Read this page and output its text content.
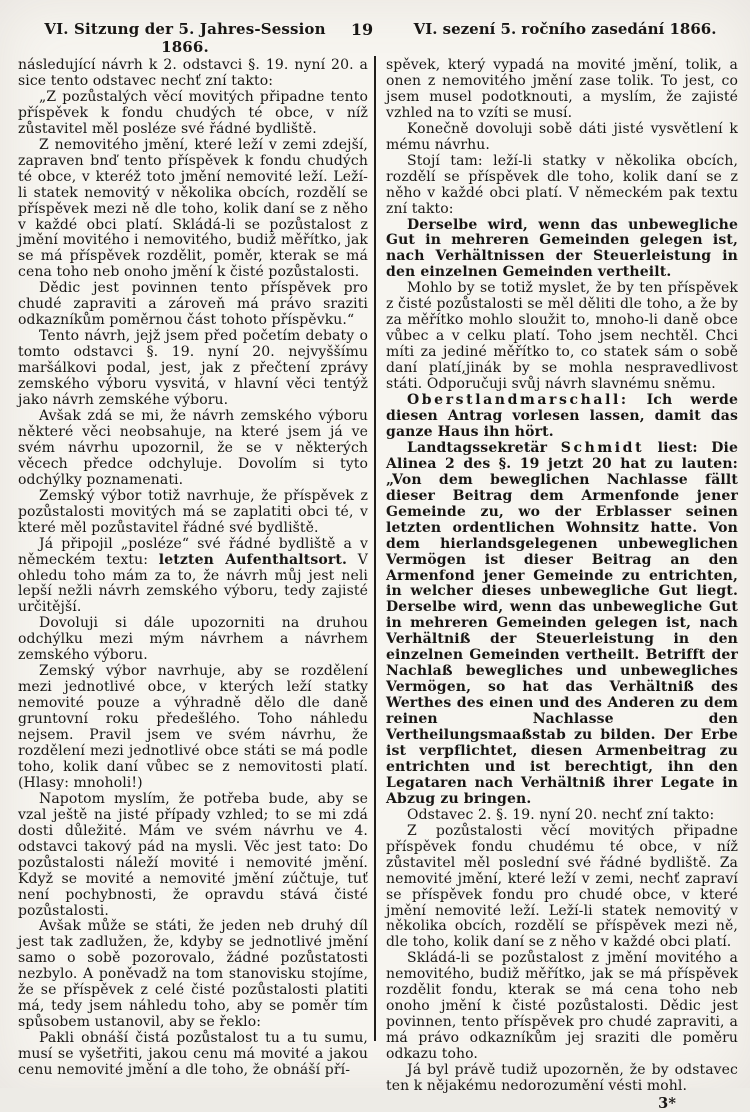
VI. Sitzung der 5. Jahres-Session 1866.
19	VI. sezení 5. ročního zasedání 1866.

následující návrh k 2. odstavci §. 19. nyní 20. a sice tento odstavec nechť zní takto:

„Z pozůstalých věcí movitých připadne tento příspěvek k fondu chudých té obce, v níž zůstavitel měl posléze své řádné bydliště.

Z nemovitého jmění, které leží v zemi zdejší, zapraven bnď tento příspěvek k fondu chudých té obce, v kteréž toto jmění nemovité leží. Leží-li statek nemovitý v několika obcích, rozdělí se příspěvek mezi ně dle toho, kolik daní se z něho v každé obci platí. Skládá-li se pozůstalost z jmění movitého i nemovitého, budiž měřítko, jak se má příspěvek rozdělit, poměr, kterak se má cena toho neb onoho jmění k čisté pozůstalosti.

Dědic jest povinnen tento příspěvek pro chudé zapraviti a zároveň má právo sraziti odkazníkům poměrnou část tohoto příspěvku.“

Tento návrh, jejž jsem před početím debaty o tomto odstavci §. 19. nyní 20. nejvyššímu maršálkovi podal, jest, jak z přečtení zprávy zemského výboru vysvitá, v hlavní věci tentýž jako návrh zemskéhe výboru.

Avšak zdá se mi, že návrh zemského výboru některé věci neobsahuje, na které jsem já ve svém návrhu upozornil, že se v některých věcech předce odchyluje. Dovolím si tyto odchýlky poznamenati.

Zemský výbor totiž navrhuje, že příspěvek z pozůstalosti movitých má se zaplatiti obci té, v které měl pozůstavitel řádné své bydliště.

Já připojil „posléze“ své řádné bydliště a v německém textu: letzten Aufenthaltsort. V ohledu toho mám za to, že návrh můj jest neli lepší nežli návrh zemského výboru, tedy zajisté určitější.

Dovoluji si dále upozorniti na druhou odchýlku mezi mým návrhem a návrhem zemského výboru.

Zemský výbor navrhuje, aby se rozdělení mezi jednotlivé obce, v kterých leží statky nemovité pouze a výhradně dělo dle daně gruntovní roku předešlého. Toho náhledu nejsem. Pravil jsem ve svém návrhu, že rozdělení mezi jednotlivé obce státi se má podle toho, kolik daní vůbec se z nemovitosti platí. (Hlasy: mnoholi!)

Napotom myslím, že potřeba bude, aby se vzal ještě na jisté případy vzhled; to se mi zdá dosti důležité. Mám ve svém návrhu ve 4. odstavci takový pád na mysli. Věc jest tato: Do pozůstalosti náleží movité i nemovité jmění. Když se movité a nemovité jmění zúčtuje, tuť není pochybnosti, že opravdu stává čisté pozůstalosti.

Avšak může se státi, že jeden neb druhý díl jest tak zadlužen, že, kdyby se jednotlivé jmění samo o sobě pozorovalo, žádné pozůstatosti nezbylo. A poněvadž na tom stanovisku stojíme, že se příspěvek z celé čisté pozůstalosti platiti má, tedy jsem náhledu toho, aby se poměr tím spůsobem ustanovil, aby se řeklo:

Pakli obnáší čistá pozůstalost tu a tu sumu, musí se vyšetřiti, jakou cenu má movité a jakou cenu nemovité jmění a dle toho, že obnáší pří-

spěvek, který vypadá na movité jmění, tolik, a onen z nemovitého jmění zase tolik. To jest, co jsem musel podotknouti, a myslím, že zajisté vzhled na to vzíti se musí.

Konečně dovoluji sobě dáti jisté vysvětlení k mému návrhu.

Stojí tam: leží-li statky v několika obcích, rozdělí se příspěvek dle toho, kolik daní se z něho v každé obci platí. V německém pak textu zní takto:

Derselbe wird, wenn das unbewegliche Gut in mehreren Gemeinden gelegen ist, nach Verhältnissen der Steuerleistung in den einzelnen Gemeinden vertheilt.

Mohlo by se totiž myslet, že by ten příspěvek z čisté pozůstalosti se měl děliti dle toho, a že by za měřítko mohlo sloužit to, mnoho-li daně obce vůbec a v celku platí. Toho jsem nechtěl. Chci míti za jediné měřítko to, co statek sám o sobě daní platí,jinák by se mohla nespravedlivost státi. Odporučuji svůj návrh slavnému sněmu.

Oberstlandmarschall: Ich werde diesen Antrag vorlesen lassen, damit das ganze Haus ihn hört.

Landtagssekretär Schmidt liest: Die Alinea 2 des §. 19 jetzt 20 hat zu lauten: „Von dem beweglichen Nachlasse fällt dieser Beitrag dem Armenfonde jener Gemeinde zu, wo der Erblasser seinen letzten ordentlichen Wohnsitz hatte. Von dem hierlandsgelegenen unbeweglichen Vermögen ist dieser Beitrag an den Armenfond jener Gemeinde zu entrichten, in welcher dieses unbewegliche Gut liegt. Derselbe wird, wenn das unbewegliche Gut in mehreren Gemeinden gelegen ist, nach Verhältniß der Steuerleistung in den einzelnen Gemeinden vertheilt. Betrifft der Nachlaß bewegliches und unbewegliches Vermögen, so hat das Verhältniß des Werthes des einen und des Anderen zu dem reinen Nachlasse den Vertheilungsmaaßstab zu bilden. Der Erbe ist verpflichtet, diesen Armenbeitrag zu entrichten und ist berechtigt, ihn den Legataren nach Verhältniß ihrer Legate in Abzug zu bringen.

Odstavec 2. §. 19. nyní 20. nechť zní takto:

Z pozůstalosti věcí movitých připadne příspěvek fondu chudému té obce, v níž zůstavitel měl poslední své řádné bydliště. Za nemovité jmění, které leží v zemi, nechť zapraví se příspěvek fondu pro chudé obce, v které jmění nemovité leží. Leží-li statek nemovitý v několika obcích, rozdělí se příspěvek mezi ně, dle toho, kolik daní se z něho v každé obci platí.

Skládá-li se pozůstalost z jmění movitého a nemovitého, budiž měřítko, jak se má příspěvek rozdělit fondu, kterak se má cena toho neb onoho jmění k čisté pozůstalosti. Dědic jest povinnen, tento příspěvek pro chudé zapraviti, a má právo odkazníkům jej sraziti dle poměru odkazu toho.

Já byl právě tudiž upozorněn, že by odstavec ten k nějakému nedorozumění vésti mohl.

3*
